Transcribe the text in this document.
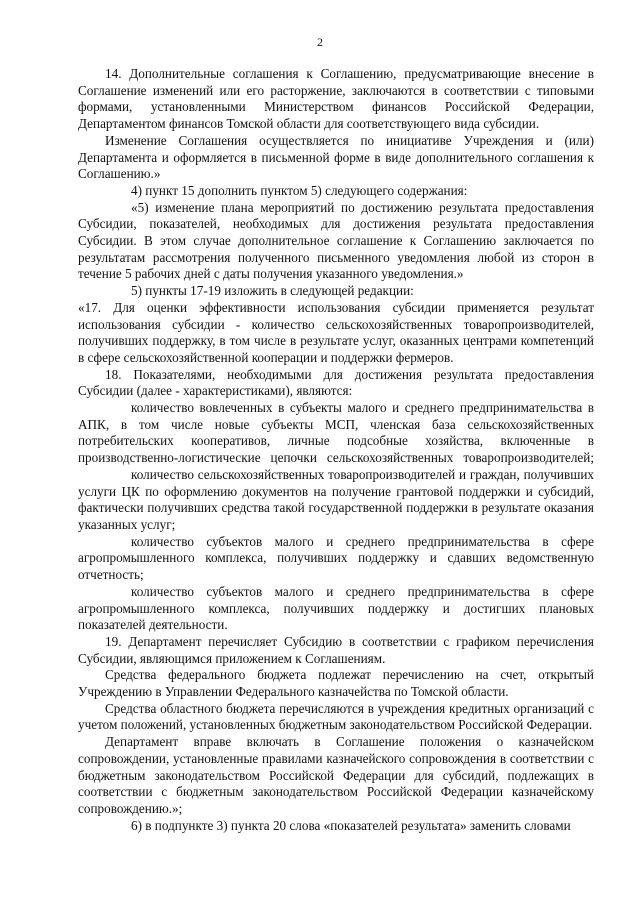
2

14. Дополнительные соглашения к Соглашению, предусматривающие внесение в Соглашение изменений или его расторжение, заключаются в соответствии с типовыми формами, установленными Министерством финансов Российской Федерации, Департаментом финансов Томской области для соответствующего вида субсидии.

Изменение Соглашения осуществляется по инициативе Учреждения и (или) Департамента и оформляется в письменной форме в виде дополнительного соглашения к Соглашению.»

4) пункт 15 дополнить пунктом 5) следующего содержания:

«5) изменение плана мероприятий по достижению результата предоставления Субсидии, показателей, необходимых для достижения результата предоставления Субсидии. В этом случае дополнительное соглашение к Соглашению заключается по результатам рассмотрения полученного письменного уведомления любой из сторон в течение 5 рабочих дней с даты получения указанного уведомления.»

5) пункты 17-19 изложить в следующей редакции:

«17. Для оценки эффективности использования субсидии применяется результат использования субсидии - количество сельскохозяйственных товаропроизводителей, получивших поддержку, в том числе в результате услуг, оказанных центрами компетенций в сфере сельскохозяйственной кооперации и поддержки фермеров.

18. Показателями, необходимыми для достижения результата предоставления Субсидии (далее - характеристиками), являются:

количество вовлеченных в субъекты малого и среднего предпринимательства в АПК, в том числе новые субъекты МСП, членская база сельскохозяйственных потребительских кооперативов, личные подсобные хозяйства, включенные в производственно-логистические цепочки сельскохозяйственных товаропроизводителей;

количество сельскохозяйственных товаропроизводителей и граждан, получивших услуги ЦК по оформлению документов на получение грантовой поддержки и субсидий, фактически получивших средства такой государственной поддержки в результате оказания указанных услуг;

количество субъектов малого и среднего предпринимательства в сфере агропромышленного комплекса, получивших поддержку и сдавших ведомственную отчетность;

количество субъектов малого и среднего предпринимательства в сфере агропромышленного комплекса, получивших поддержку и достигших плановых показателей деятельности.

19. Департамент перечисляет Субсидию в соответствии с графиком перечисления Субсидии, являющимся приложением к Соглашениям.

Средства федерального бюджета подлежат перечислению на счет, открытый Учреждению в Управлении Федерального казначейства по Томской области.

Средства областного бюджета перечисляются в учреждения кредитных организаций с учетом положений, установленных бюджетным законодательством Российской Федерации.

Департамент вправе включать в Соглашение положения о казначейском сопровождении, установленные правилами казначейского сопровождения в соответствии с бюджетным законодательством Российской Федерации для субсидий, подлежащих в соответствии с бюджетным законодательством Российской Федерации казначейскому сопровождению.»;

6) в подпункте 3) пункта 20 слова «показателей результата» заменить словами
